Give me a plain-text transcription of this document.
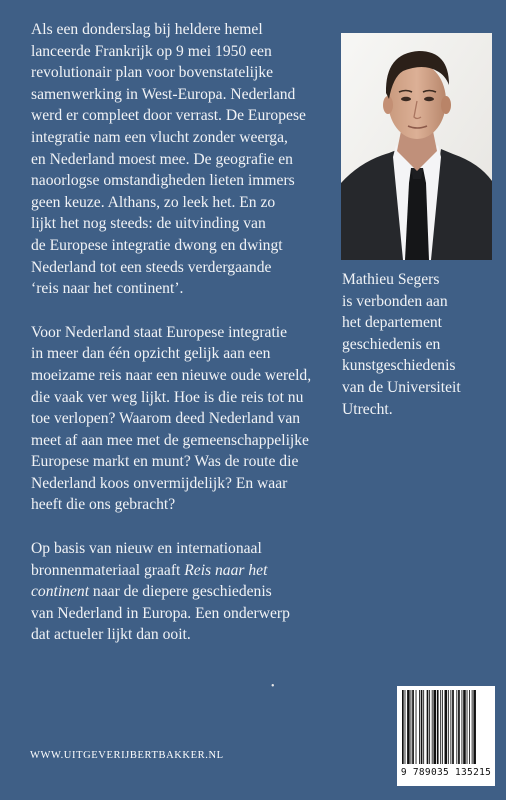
Als een donderslag bij heldere hemel
lanceerde Frankrijk op 9 mei 1950 een
revolutionair plan voor bovenstatelijke
samenwerking in West-Europa. Nederland
werd er compleet door verrast. De Europese
integratie nam een vlucht zonder weerga,
en Nederland moest mee. De geografie en
naoorlogse omstandigheden lieten immers
geen keuze. Althans, zo leek het. En zo
lijkt het nog steeds: de uitvinding van
de Europese integratie dwong en dwingt
Nederland tot een steeds verdergaande
‘reis naar het continent’.

Voor Nederland staat Europese integratie
in meer dan één opzicht gelijk aan een
moeizame reis naar een nieuwe oude wereld,
die vaak ver weg lijkt. Hoe is die reis tot nu
toe verlopen? Waarom deed Nederland van
meet af aan mee met de gemeenschappelijke
Europese markt en munt? Was de route die
Nederland koos onvermijdelijk? En waar
heeft die ons gebracht?

Op basis van nieuw en internationaal
bronnenmateriaal graaft Reis naar het
continent naar de diepere geschiedenis
van Nederland in Europa. Een onderwerp
dat actueler lijkt dan ooit.

Mathieu Segers
is verbonden aan
het departement
geschiedenis en
kunstgeschiedenis
van de Universiteit
Utrecht.
•
WWW.UITGEVERIJBERTBAKKER.NL
9 789035 135215
